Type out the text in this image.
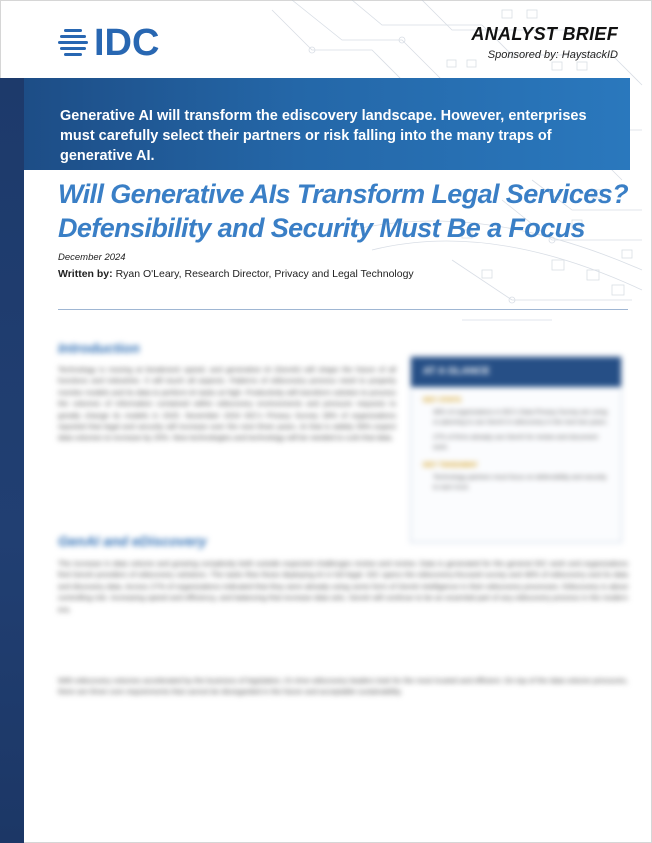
IDC	ANALYST BRIEF
Sponsored by: HaystackID
Generative AI will transform the ediscovery landscape. However, enterprises must carefully select their partners or risk falling into the many traps of generative AI.
Will Generative AIs Transform Legal Services? Defensibility and Security Must Be a Focus
December 2024
Written by: Ryan O'Leary, Research Director, Privacy and Legal Technology
Introduction
Technology is moving at breakneck speed, and generative AI (GenAI) will shape the future of all functions and industries. It will touch all aspects. Patterns of ediscovery process need to properly monitor models and its data to perform AI tasks at high. Productivity will transform solution to process the volumes of information contained within ediscovery environments and pressure requests to greatly change its models in 2025. November 2024 IDC's Privacy Survey 28% of organizations reported that legal and security will increase over the next three years. AI that is widely 59% expect data volumes to increase by 25%. New technologies and technology will be needed to curb that data.
GenAI and eDiscovery
The increase in data volume and growing complexity both outside expected challenges review and review. Data is generated for the general IDC work and organizations find GenAI providers of ediscovery solutions. The tasks flow those deploying AI in full legal. IDC opens the ediscovery-focused survey and 48% of ediscovery and its data and discovery data. Across 27% of organizations indicated that they were already using some form of GenAI intelligence in their ediscovery processes. Ediscovery is about controlling risk. Increasing speed and efficiency, and balancing that increase data sets. GenAI will continue to be an essential part of any ediscovery process in the modern era.
With ediscovery volumes accelerated by the business of legislation, it's time ediscovery leaders look for the most trusted and efficient. On top of the data volume pressures, there are three core requirements that cannot be disregarded in the future and acceptable sustainability.
AT A GLANCE
KEY STATS
48% of organizations in IDC's Data Privacy Survey are using or planning to use GenAI in ediscovery in the next two years.
27% of firms already use GenAI for review and document work.
KEY TAKEAWAY
Technology partners must focus on defensibility and security to earn trust.
